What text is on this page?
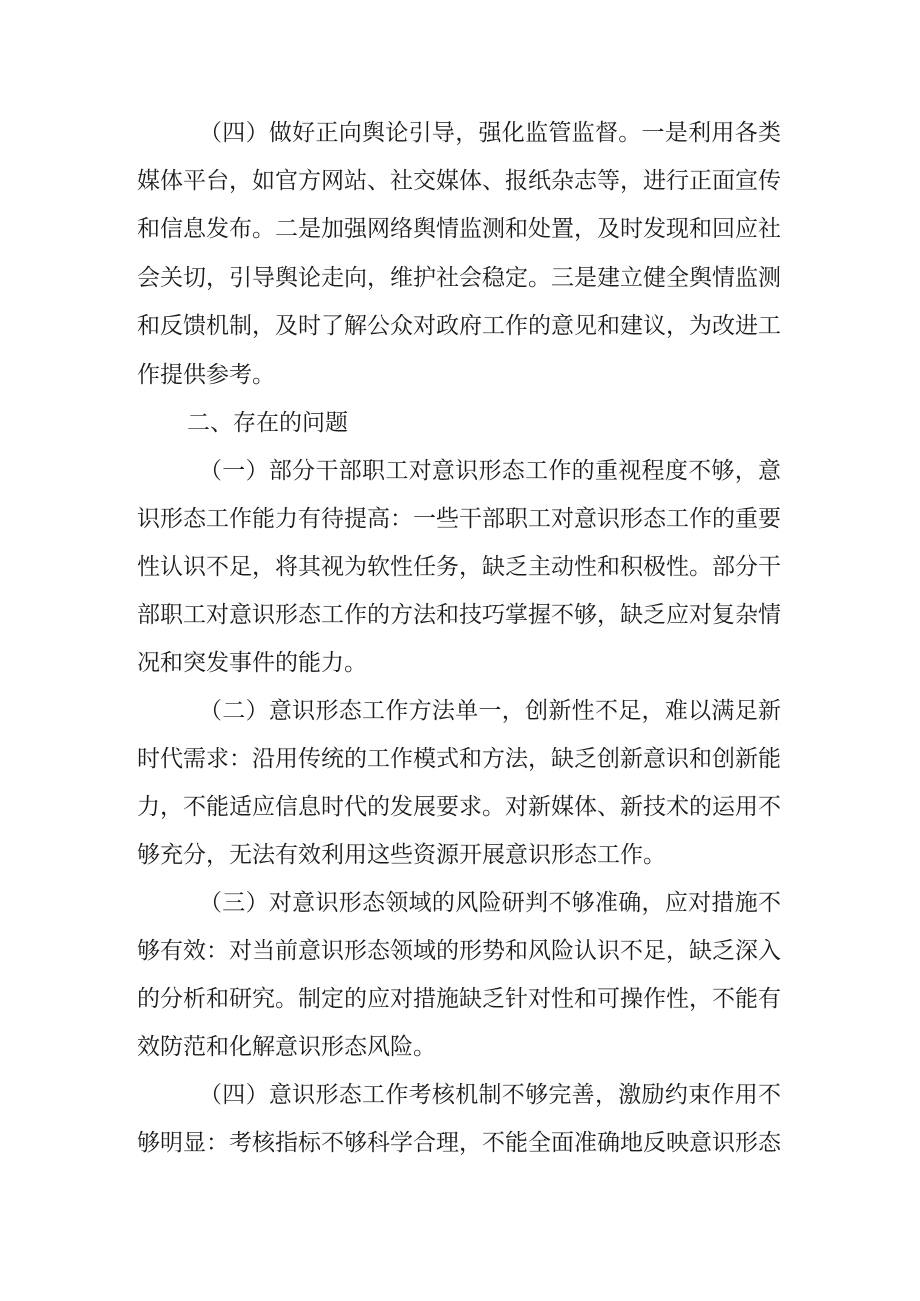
（四）做好正向舆论引导，强化监管监督。一是利用各类
媒体平台，如官方网站、社交媒体、报纸杂志等，进行正面宣传
和信息发布。二是加强网络舆情监测和处置，及时发现和回应社
会关切，引导舆论走向，维护社会稳定。三是建立健全舆情监测
和反馈机制，及时了解公众对政府工作的意见和建议，为改进工
作提供参考。
二、存在的问题
（一）部分干部职工对意识形态工作的重视程度不够，意
识形态工作能力有待提高：一些干部职工对意识形态工作的重要
性认识不足，将其视为软性任务，缺乏主动性和积极性。部分干
部职工对意识形态工作的方法和技巧掌握不够，缺乏应对复杂情
况和突发事件的能力。
（二）意识形态工作方法单一，创新性不足，难以满足新
时代需求：沿用传统的工作模式和方法，缺乏创新意识和创新能
力，不能适应信息时代的发展要求。对新媒体、新技术的运用不
够充分，无法有效利用这些资源开展意识形态工作。
（三）对意识形态领域的风险研判不够准确，应对措施不
够有效：对当前意识形态领域的形势和风险认识不足，缺乏深入
的分析和研究。制定的应对措施缺乏针对性和可操作性，不能有
效防范和化解意识形态风险。
（四）意识形态工作考核机制不够完善，激励约束作用不
够明显：考核指标不够科学合理，不能全面准确地反映意识形态
